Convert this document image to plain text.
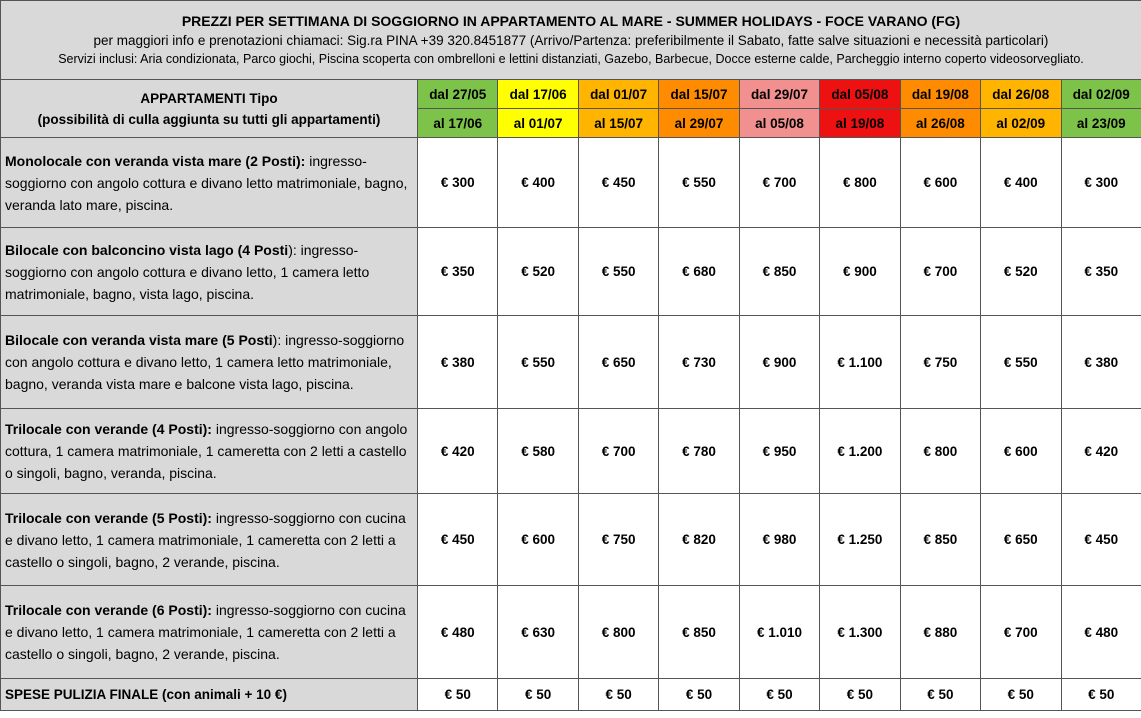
PREZZI PER SETTIMANA DI SOGGIORNO IN APPARTAMENTO AL MARE - SUMMER HOLIDAYS - FOCE VARANO (FG)
per maggiori info e prenotazioni chiamaci: Sig.ra PINA +39 320.8451877 (Arrivo/Partenza: preferibilmente il Sabato, fatte salve situazioni e necessità particolari)
Servizi inclusi: Aria condizionata, Parco giochi, Piscina scoperta con ombrelloni e lettini distanziati, Gazebo, Barbecue, Docce esterne calde, Parcheggio interno coperto videosorvegliato.									

APPARTAMENTI Tipo
(possibilità di culla aggiunta su tutti gli appartamenti)	dal 27/05	dal 17/06	dal 01/07	dal 15/07	dal 29/07	dal 05/08	dal 19/08	dal 26/08	dal 02/09
	al 17/06	al 01/07	al 15/07	al 29/07	al 05/08	al 19/08	al 26/08	al 02/09	al 23/09
Monolocale con veranda vista mare (2 Posti): ingresso-soggiorno con angolo cottura e divano letto matrimoniale, bagno, veranda lato mare, piscina.	€ 300	€ 400	€ 450	€ 550	€ 700	€ 800	€ 600	€ 400	€ 300
Bilocale con balconcino vista lago (4 Posti): ingresso-soggiorno con angolo cottura e divano letto, 1 camera letto matrimoniale, bagno, vista lago, piscina.	€ 350	€ 520	€ 550	€ 680	€ 850	€ 900	€ 700	€ 520	€ 350
Bilocale con veranda vista mare (5 Posti): ingresso-soggiorno con angolo cottura e divano letto, 1 camera letto matrimoniale, bagno, veranda vista mare e balcone vista lago, piscina.	€ 380	€ 550	€ 650	€ 730	€ 900	€ 1.100	€ 750	€ 550	€ 380
Trilocale con verande (4 Posti): ingresso-soggiorno con angolo cottura, 1 camera matrimoniale, 1 cameretta con 2 letti a castello o singoli, bagno, veranda, piscina.	€ 420	€ 580	€ 700	€ 780	€ 950	€ 1.200	€ 800	€ 600	€ 420
Trilocale con verande (5 Posti): ingresso-soggiorno con cucina e divano letto, 1 camera matrimoniale, 1 cameretta con 2 letti a castello o singoli, bagno, 2 verande, piscina.	€ 450	€ 600	€ 750	€ 820	€ 980	€ 1.250	€ 850	€ 650	€ 450
Trilocale con verande (6 Posti): ingresso-soggiorno con cucina e divano letto, 1 camera matrimoniale, 1 cameretta con 2 letti a castello o singoli, bagno, 2 verande, piscina.	€ 480	€ 630	€ 800	€ 850	€ 1.010	€ 1.300	€ 880	€ 700	€ 480
SPESE PULIZIA FINALE (con animali + 10 €)	€ 50	€ 50	€ 50	€ 50	€ 50	€ 50	€ 50	€ 50	€ 50
